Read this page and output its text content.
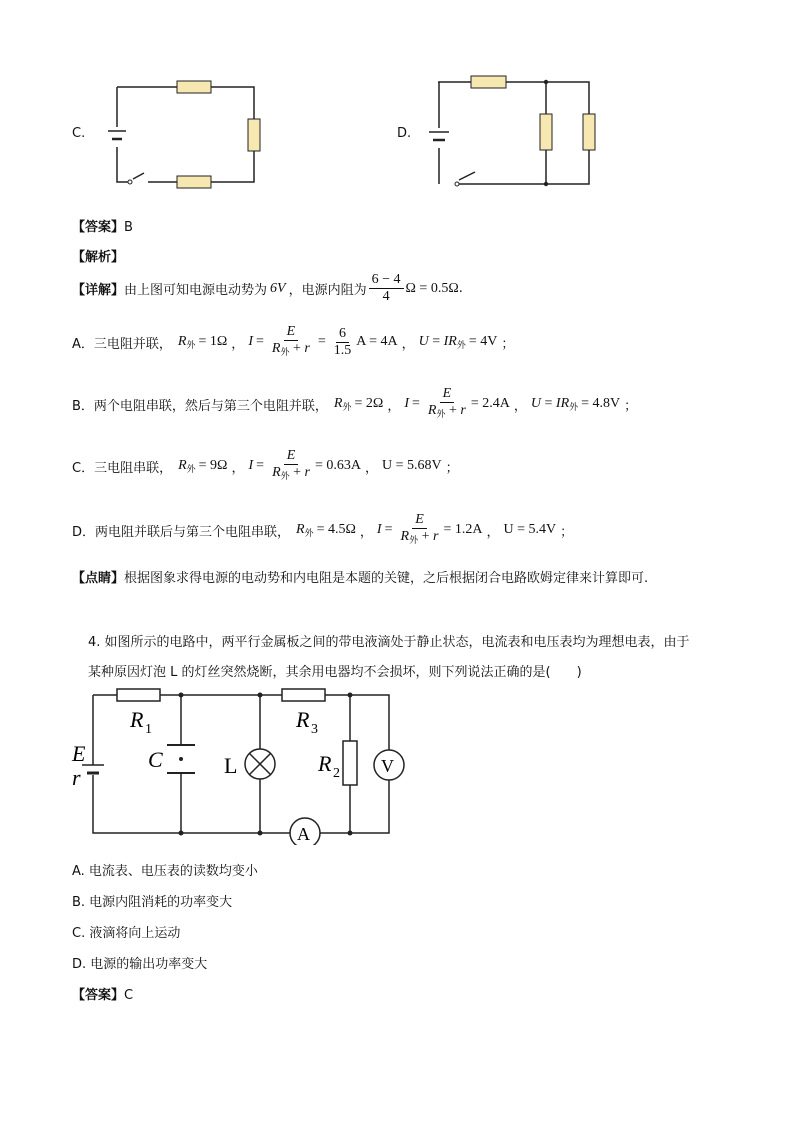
C.	D.
【答案】B
【解析】
【详解】 由上图可知电源电动势为 6V ，电源内阻为 $\frac{6 - 4}{4}$ Ω = 0.5Ω .
A．三电阻并联， $R_外 = 1\Omega$ ， $I = \frac{E}{R_外 + r} = \frac{6}{1.5}$ A = 4A ， $U = IR_外 = 4V$ ；
B．两个电阻串联，然后与第三个电阻并联， $R_外 = 2\Omega$ ， $I = \frac{E}{R_外 + r} = 2.4A$ ， $U = IR_外 = 4.8V$ ；
C．三电阻串联， $R_外 = 9\Omega$ ， $I = \frac{E}{R_外 + r} = 0.63A$ ， U = 5.68V ；
D．两电阻并联后与第三个电阻串联， $R_外 = 4.5\Omega$ ， $I = \frac{E}{R_外 + r} = 1.2A$ ， U = 5.4V ；
【点睛】根据图象求得电源的电动势和内电阻是本题的关键，之后根据闭合电路欧姆定律来计算即可.
4. 如图所示的电路中，两平行金属板之间的带电液滴处于静止状态，电流表和电压表均为理想电表，由于
某种原因灯泡 L 的灯丝突然烧断，其余用电器均不会损坏，则下列说法正确的是(　　)
E
r
R 1
C	L
R 3
R 2 V
A
A. 电流表、电压表的读数均变小
B. 电源内阻消耗的功率变大
C. 液滴将向上运动
D. 电源的输出功率变大
【答案】C
